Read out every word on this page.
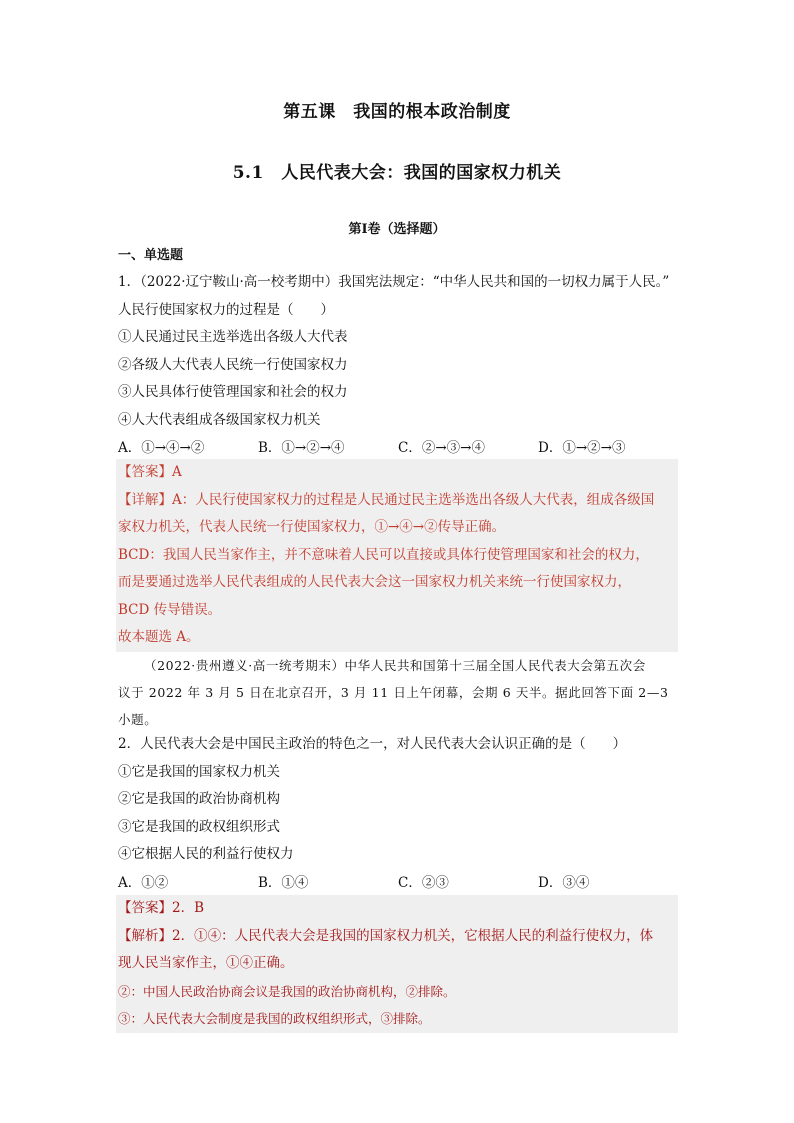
第五课　我国的根本政治制度
5.1　人民代表大会：我国的国家权力机关
第Ⅰ卷（选择题）
一、单选题
1．（2022·辽宁鞍山·高一校考期中）我国宪法规定：“中华人民共和国的一切权力属于人民。”
人民行使国家权力的过程是（　　）
①人民通过民主选举选出各级人大代表
②各级人大代表人民统一行使国家权力
③人民具体行使管理国家和社会的权力
④人大代表组成各级国家权力机关
A．①→④→②	B．①→②→④	C．②→③→④	D．①→②→③
【答案】A
【详解】A：人民行使国家权力的过程是人民通过民主选举选出各级人大代表，组成各级国
家权力机关，代表人民统一行使国家权力，①→④→②传导正确。
BCD：我国人民当家作主，并不意味着人民可以直接或具体行使管理国家和社会的权力，
而是要通过选举人民代表组成的人民代表大会这一国家权力机关来统一行使国家权力，
BCD 传导错误。
故本题选 A。
（2022·贵州遵义·高一统考期末）中华人民共和国第十三届全国人民代表大会第五次会
议于 2022 年 3 月 5 日在北京召开，3 月 11 日上午闭幕，会期 6 天半。据此回答下面 2—3
小题。
2．人民代表大会是中国民主政治的特色之一，对人民代表大会认识正确的是（　　）
①它是我国的国家权力机关
②它是我国的政治协商机构
③它是我国的政权组织形式
④它根据人民的利益行使权力
A．①②	B．①④	C．②③	D．③④
【答案】2．B
【解析】2．①④：人民代表大会是我国的国家权力机关，它根据人民的利益行使权力，体
现人民当家作主，①④正确。
②：中国人民政治协商会议是我国的政治协商机构，②排除。
③：人民代表大会制度是我国的政权组织形式，③排除。
